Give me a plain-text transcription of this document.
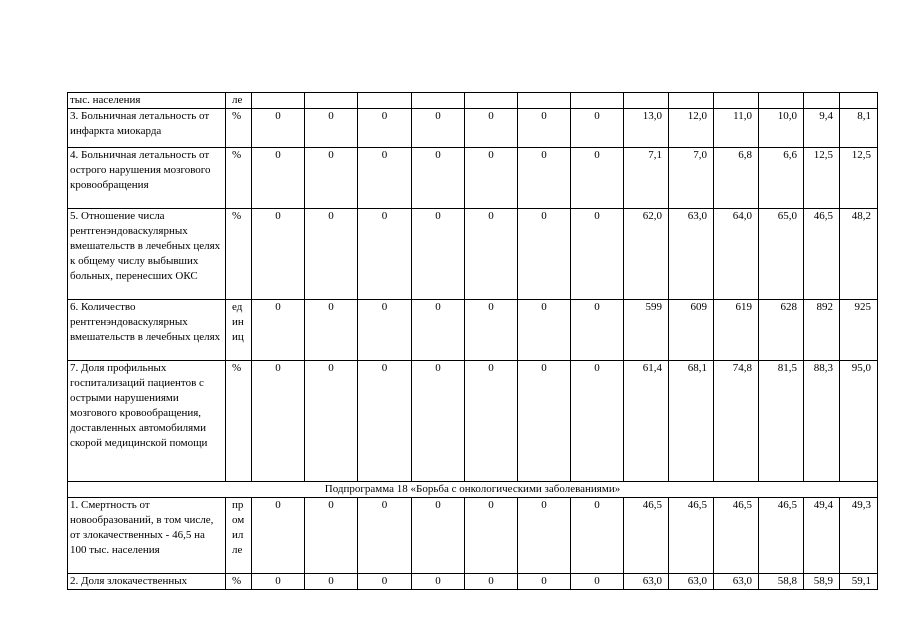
тыс. населения	ле													
3. Больничная летальность от инфаркта миокарда	%	0	0	0	0	0	0	0	13,0	12,0	11,0	10,0	9,4	8,1
4. Больничная летальность от острого нарушения мозгового кровообращения	%	0	0	0	0	0	0	0	7,1	7,0	6,8	6,6	12,5	12,5
5. Отношение числа рентгенэндоваскулярных вмешательств в лечебных целях к общему числу выбывших больных, перенесших ОКС	%	0	0	0	0	0	0	0	62,0	63,0	64,0	65,0	46,5	48,2
6. Количество рентгенэндоваскулярных вмешательств в лечебных целях	ед ин иц	0	0	0	0	0	0	0	599	609	619	628	892	925
7. Доля профильных госпитализаций пациентов с острыми нарушениями мозгового кровообращения, доставленных автомобилями скорой медицинской помощи	%	0	0	0	0	0	0	0	61,4	68,1	74,8	81,5	88,3	95,0
Подпрограмма 18 «Борьба с онкологическими заболеваниями»														
1. Смертность от новообразований, в том числе, от злокачественных - 46,5 на 100 тыс. населения	пр ом ил ле	0	0	0	0	0	0	0	46,5	46,5	46,5	46,5	49,4	49,3
2. Доля злокачественных	%	0	0	0	0	0	0	0	63,0	63,0	63,0	58,8	58,9	59,1
